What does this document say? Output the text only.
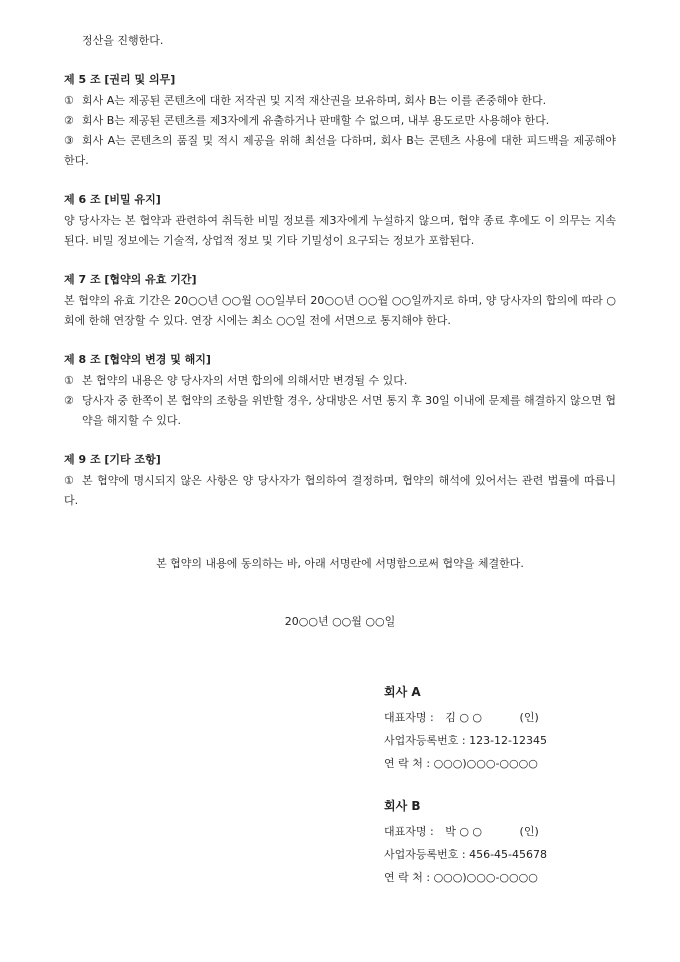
정산을 진행한다.
제 5 조 [권리 및 의무]
① 회사 A는 제공된 콘텐츠에 대한 저작권 및 지적 재산권을 보유하며, 회사 B는 이를 존중해야 한다.
② 회사 B는 제공된 콘텐츠를 제3자에게 유출하거나 판매할 수 없으며, 내부 용도로만 사용해야 한다.
③ 회사 A는 콘텐츠의 품질 및 적시 제공을 위해 최선을 다하며, 회사 B는 콘텐츠 사용에 대한 피드백을 제공해야 한다.
제 6 조 [비밀 유지]
양 당사자는 본 협약과 관련하여 취득한 비밀 정보를 제3자에게 누설하지 않으며, 협약 종료 후에도 이 의무는 지속된다. 비밀 정보에는 기술적, 상업적 정보 및 기타 기밀성이 요구되는 정보가 포함된다.
제 7 조 [협약의 유효 기간]
본 협약의 유효 기간은 20○○년 ○○월 ○○일부터 20○○년 ○○월 ○○일까지로 하며, 양 당사자의 합의에 따라 ○회에 한해 연장할 수 있다. 연장 시에는 최소 ○○일 전에 서면으로 통지해야 한다.
제 8 조 [협약의 변경 및 해지]
① 본 협약의 내용은 양 당사자의 서면 합의에 의해서만 변경될 수 있다.
② 당사자 중 한쪽이 본 협약의 조항을 위반할 경우, 상대방은 서면 통지 후 30일 이내에 문제를 해결하지 않으면 협약을 해지할 수 있다.
제 9 조 [기타 조항]
① 본 협약에 명시되지 않은 사항은 양 당사자가 협의하여 결정하며, 협약의 해석에 있어서는 관련 법률에 따릅니다.
본 협약의 내용에 동의하는 바, 아래 서명란에 서명함으로써 협약을 체결한다.
20○○년 ○○월 ○○일
회사 A
대표자명 : 김 ○ ○	(인)
사업자등록번호 : 123-12-12345
연 락 처 : ○○○)○○○-○○○○
회사 B
대표자명 : 박 ○ ○	(인)
사업자등록번호 : 456-45-45678
연 락 처 : ○○○)○○○-○○○○
